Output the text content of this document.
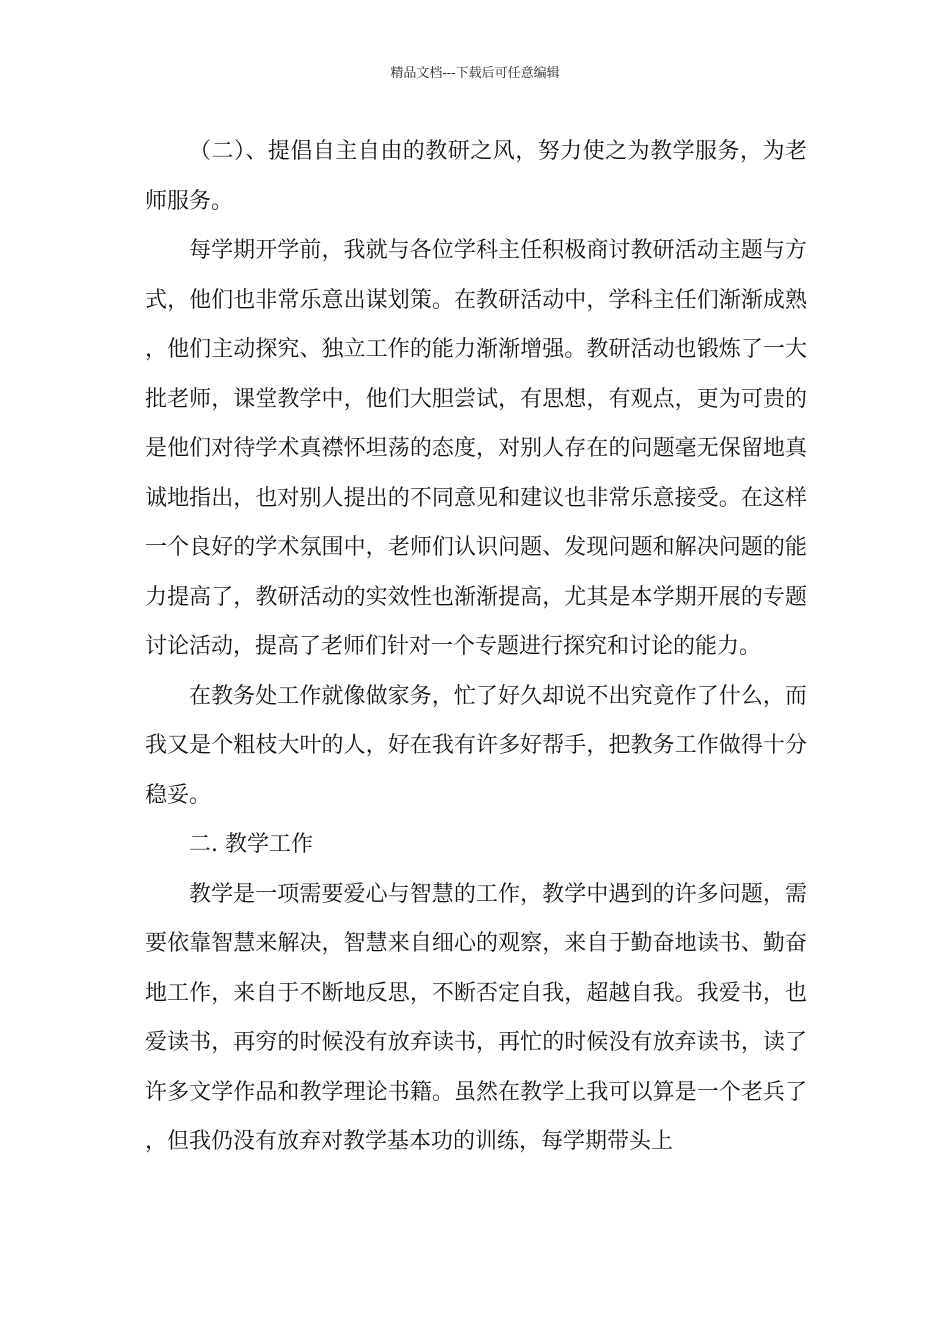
精品文档---下载后可任意编辑

（二）、提倡自主自由的教研之风，努力使之为教学服务，为老师服务。

每学期开学前，我就与各位学科主任积极商讨教研活动主题与方式，他们也非常乐意出谋划策。在教研活动中，学科主任们渐渐成熟，他们主动探究、独立工作的能力渐渐增强。教研活动也锻炼了一大批老师，课堂教学中，他们大胆尝试，有思想，有观点，更为可贵的是他们对待学术真襟怀坦荡的态度，对别人存在的问题毫无保留地真诚地指出，也对别人提出的不同意见和建议也非常乐意接受。在这样一个良好的学术氛围中，老师们认识问题、发现问题和解决问题的能力提高了，教研活动的实效性也渐渐提高，尤其是本学期开展的专题讨论活动，提高了老师们针对一个专题进行探究和讨论的能力。

在教务处工作就像做家务，忙了好久却说不出究竟作了什么，而我又是个粗枝大叶的人，好在我有许多好帮手，把教务工作做得十分稳妥。

二. 教学工作

教学是一项需要爱心与智慧的工作，教学中遇到的许多问题，需要依靠智慧来解决，智慧来自细心的观察，来自于勤奋地读书、勤奋地工作，来自于不断地反思，不断否定自我，超越自我。我爱书，也爱读书，再穷的时候没有放弃读书，再忙的时候没有放弃读书，读了许多文学作品和教学理论书籍。虽然在教学上我可以算是一个老兵了，但我仍没有放弃对教学基本功的训练，每学期带头上
